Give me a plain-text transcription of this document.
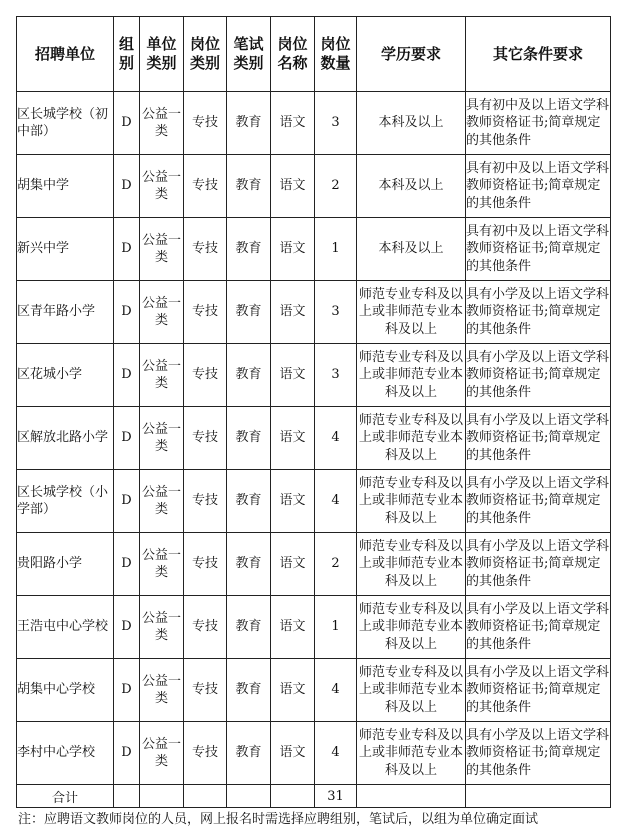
招聘单位	组别	单位类别	岗位类别	笔试类别	岗位名称	岗位数量	学历要求	其它条件要求
区长城学校（初中部）	D	公益一类	专技	教育	语文	3	本科及以上	具有初中及以上语文学科教师资格证书;简章规定的其他条件
胡集中学	D	公益一类	专技	教育	语文	2	本科及以上	具有初中及以上语文学科教师资格证书;简章规定的其他条件
新兴中学	D	公益一类	专技	教育	语文	1	本科及以上	具有初中及以上语文学科教师资格证书;简章规定的其他条件
区青年路小学	D	公益一类	专技	教育	语文	3	师范专业专科及以上或非师范专业本科及以上	具有小学及以上语文学科教师资格证书;简章规定的其他条件
区花城小学	D	公益一类	专技	教育	语文	3	师范专业专科及以上或非师范专业本科及以上	具有小学及以上语文学科教师资格证书;简章规定的其他条件
区解放北路小学	D	公益一类	专技	教育	语文	4	师范专业专科及以上或非师范专业本科及以上	具有小学及以上语文学科教师资格证书;简章规定的其他条件
区长城学校（小学部）	D	公益一类	专技	教育	语文	4	师范专业专科及以上或非师范专业本科及以上	具有小学及以上语文学科教师资格证书;简章规定的其他条件
贵阳路小学	D	公益一类	专技	教育	语文	2	师范专业专科及以上或非师范专业本科及以上	具有小学及以上语文学科教师资格证书;简章规定的其他条件
王浩屯中心学校	D	公益一类	专技	教育	语文	1	师范专业专科及以上或非师范专业本科及以上	具有小学及以上语文学科教师资格证书;简章规定的其他条件
胡集中心学校	D	公益一类	专技	教育	语文	4	师范专业专科及以上或非师范专业本科及以上	具有小学及以上语文学科教师资格证书;简章规定的其他条件
李村中心学校	D	公益一类	专技	教育	语文	4	师范专业专科及以上或非师范专业本科及以上	具有小学及以上语文学科教师资格证书;简章规定的其他条件
合计						31		
注：应聘语文教师岗位的人员，网上报名时需选择应聘组别，笔试后，以组为单位确定面试
